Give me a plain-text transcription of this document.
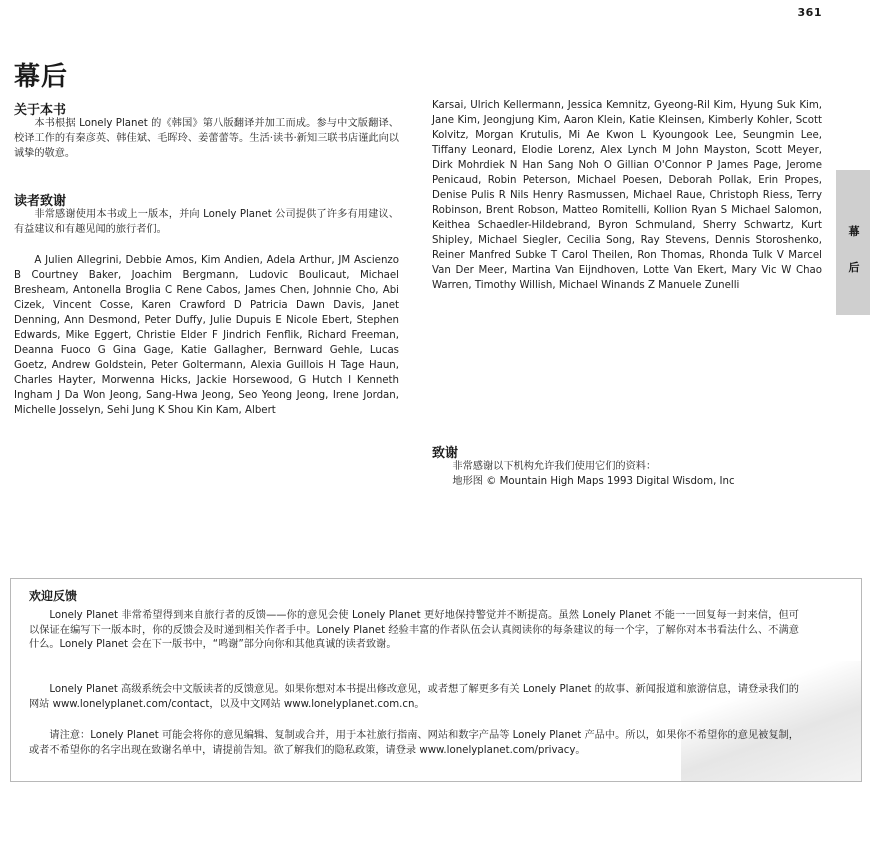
361
幕后
幕
后
关于本书

本书根据 Lonely Planet 的《韩国》第八版翻译并加工而成。参与中文版翻译、校译工作的有秦彦英、韩佳斌、毛晖玲、姜蕾蕾等。生活·读书·新知三联书店谨此向以诚挚的敬意。

读者致谢

非常感谢使用本书或上一版本，并向 Lonely Planet 公司提供了许多有用建议、有益建议和有趣见闻的旅行者们。

A Julien Allegrini, Debbie Amos, Kim Andien, Adela Arthur, JM Ascienzo B Courtney Baker, Joachim Bergmann, Ludovic Boulicaut, Michael Bresheam, Antonella Broglia C Rene Cabos, James Chen, Johnnie Cho, Abi Cizek, Vincent Cosse, Karen Crawford D Patricia Dawn Davis, Janet Denning, Ann Desmond, Peter Duffy, Julie Dupuis E Nicole Ebert, Stephen Edwards, Mike Eggert, Christie Elder F Jindrich Fenflik, Richard Freeman, Deanna Fuoco G Gina Gage, Katie Gallagher, Bernward Gehle, Lucas Goetz, Andrew Goldstein, Peter Goltermann, Alexia Guillois H Tage Haun, Charles Hayter, Morwenna Hicks, Jackie Horsewood, G Hutch I Kenneth Ingham J Da Won Jeong, Sang-Hwa Jeong, Seo Yeong Jeong, Irene Jordan, Michelle Josselyn, Sehi Jung K Shou Kin Kam, Albert

Karsai, Ulrich Kellermann, Jessica Kemnitz, Gyeong-Ril Kim, Hyung Suk Kim, Jane Kim, Jeongjung Kim, Aaron Klein, Katie Kleinsen, Kimberly Kohler, Scott Kolvitz, Morgan Krutulis, Mi Ae Kwon L Kyoungook Lee, Seungmin Lee, Tiffany Leonard, Elodie Lorenz, Alex Lynch M John Mayston, Scott Meyer, Dirk Mohrdiek N Han Sang Noh O Gillian O'Connor P James Page, Jerome Penicaud, Robin Peterson, Michael Poesen, Deborah Pollak, Erin Propes, Denise Pulis R Nils Henry Rasmussen, Michael Raue, Christoph Riess, Terry Robinson, Brent Robson, Matteo Romitelli, Kollion Ryan S Michael Salomon, Keithea Schaedler-Hildebrand, Byron Schmuland, Sherry Schwartz, Kurt Shipley, Michael Siegler, Cecilia Song, Ray Stevens, Dennis Storoshenko, Reiner Manfred Subke T Carol Theilen, Ron Thomas, Rhonda Tulk V Marcel Van Der Meer, Martina Van Eijndhoven, Lotte Van Ekert, Mary Vic W Chao Warren, Timothy Willish, Michael Winands Z Manuele Zunelli

致谢

非常感谢以下机构允许我们使用它们的资料：

地形图 © Mountain High Maps 1993 Digital Wisdom, Inc

欢迎反馈

Lonely Planet 非常希望得到来自旅行者的反馈——你的意见会使 Lonely Planet 更好地保持警觉并不断提高。虽然 Lonely Planet 不能一一回复每一封来信，但可以保证在编写下一版本时，你的反馈会及时递到相关作者手中。Lonely Planet 经验丰富的作者队伍会认真阅读你的每条建议的每一个字，了解你对本书看法什么、不满意什么。Lonely Planet 会在下一版书中，“鸣谢”部分向你和其他真诚的读者致谢。

Lonely Planet 高级系统会中文版读者的反馈意见。如果你想对本书提出修改意见，或者想了解更多有关 Lonely Planet 的故事、新闻报道和旅游信息，请登录我们的网站 www.lonelyplanet.com/contact，以及中文网站 www.lonelyplanet.com.cn。

请注意：Lonely Planet 可能会将你的意见编辑、复制或合并，用于本社旅行指南、网站和数字产品等 Lonely Planet 产品中。所以，如果你不希望你的意见被复制，或者不希望你的名字出现在致谢名单中，请提前告知。欲了解我们的隐私政策，请登录 www.lonelyplanet.com/privacy。
